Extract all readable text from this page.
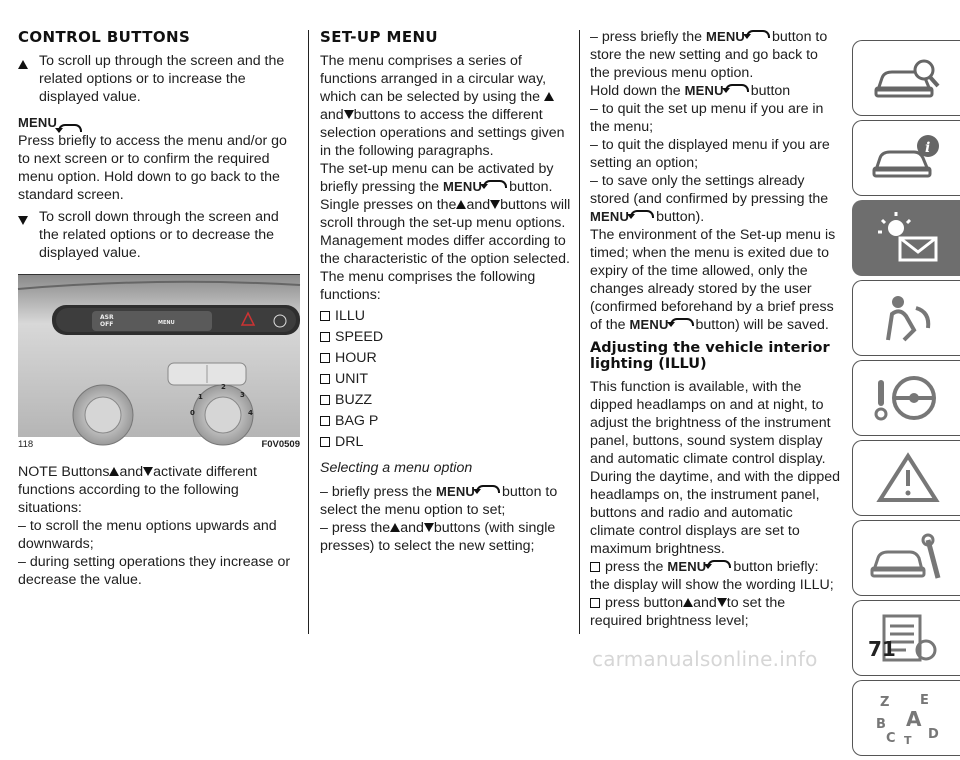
CONTROL BUTTONS
To scroll up through the screen and the related options or to increase the displayed value.
MENU

Press briefly to access the menu and/or go to next screen or to confirm the required menu option. Hold down to go back to the standard screen.

To scroll down through the screen and the related options or to decrease the displayed value.
ASR
OFF	MENU
1
2
3
4
0
118	F0V0509

NOTE Buttons and activate different functions according to the following situations:

– to scroll the menu options upwards and downwards;

– during setting operations they increase or decrease the value.

SET-UP MENU

The menu comprises a series of functions arranged in a circular way, which can be selected by using the and buttons to access the different selection operations and settings given in the following paragraphs.

The set-up menu can be activated by briefly pressing the MENU button.

Single presses on the and buttons will scroll through the set-up menu options.

Management modes differ according to the characteristic of the option selected.

The menu comprises the following functions:

ILLU
SPEED
HOUR
UNIT
BUZZ
BAG P
DRL

Selecting a menu option

– briefly press the MENU button to select the menu option to set;

– press the and buttons (with single presses) to select the new setting;

– press briefly the MENU button to store the new setting and go back to the previous menu option.

Hold down the MENU button

– to quit the set up menu if you are in the menu;

– to quit the displayed menu if you are setting an option;

– to save only the settings already stored (and confirmed by pressing the MENU button).

The environment of the Set-up menu is timed; when the menu is exited due to expiry of the time allowed, only the changes already stored by the user (confirmed beforehand by a brief press of the MENU button) will be saved.

Adjusting the vehicle interior lighting (ILLU)

This function is available, with the dipped headlamps on and at night, to adjust the brightness of the instrument panel, buttons, sound system display and automatic climate control display.

During the daytime, and with the dipped headlamps on, the instrument panel, buttons and radio and automatic climate control displays are set to maximum brightness.

press the MENU button briefly: the display will show the wording ILLU;

press button and to set the required brightness level;

i
Z E
A
B
C D
T
71
carmanualsonline.info
